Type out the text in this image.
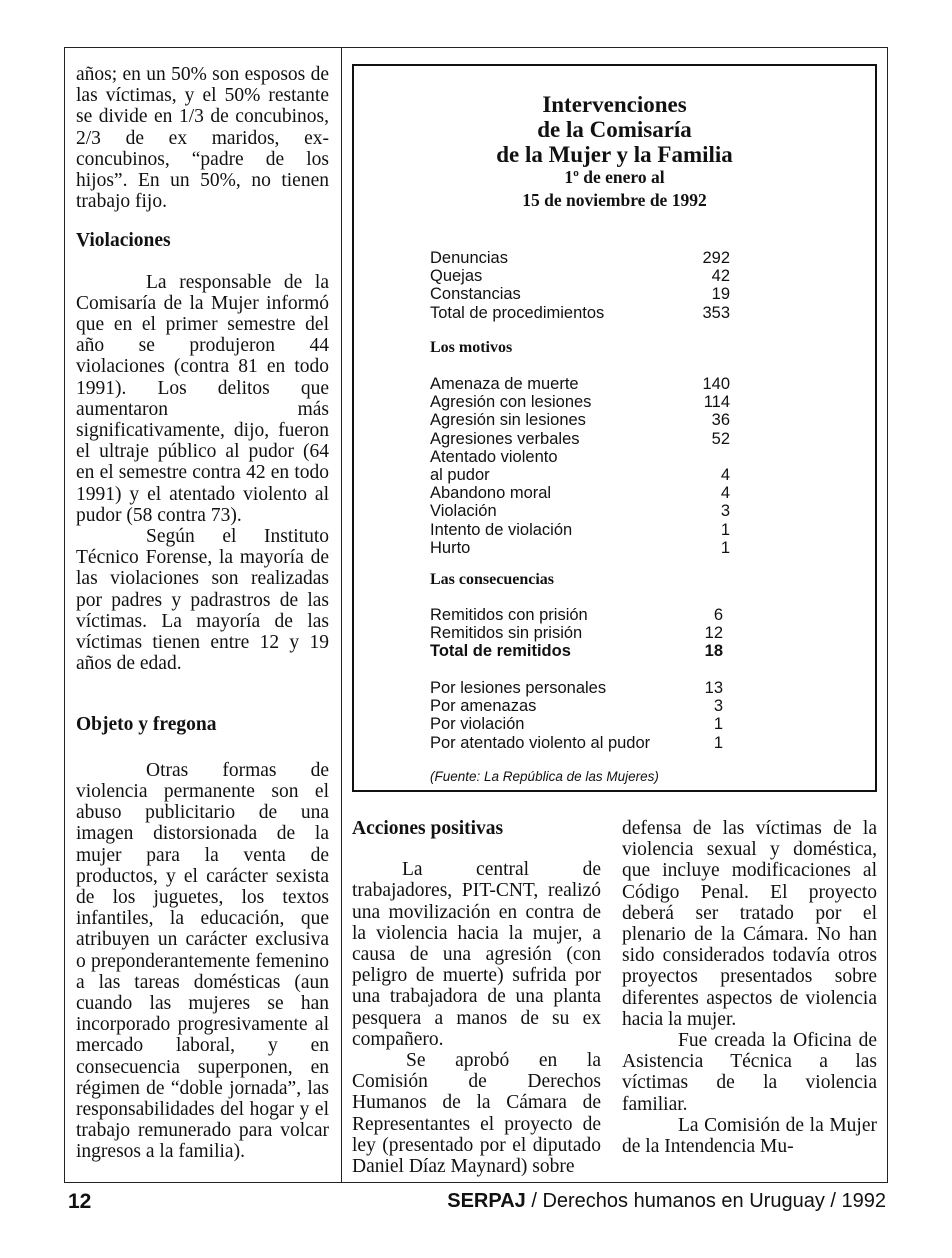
años; en un 50% son esposos de las víctimas, y el 50% restante se divide en 1/3 de concubinos, 2/3 de ex maridos, ex-concubinos, “padre de los hijos”. En un 50%, no tienen trabajo fijo.

Violaciones

La responsable de la Comisaría de la Mujer informó que en el primer semestre del año se produjeron 44 violaciones (contra 81 en todo 1991). Los delitos que aumentaron más significativamente, dijo, fueron el ultraje público al pudor (64 en el semestre contra 42 en todo 1991) y el atentado violento al pudor (58 contra 73).

Según el Instituto Técnico Forense, la mayoría de las violaciones son realizadas por padres y padrastros de las víctimas. La mayoría de las víctimas tienen entre 12 y 19 años de edad.

Objeto y fregona

Otras formas de violencia permanente son el abuso publicitario de una imagen distorsionada de la mujer para la venta de productos, y el carácter sexista de los juguetes, los textos infantiles, la educación, que atribuyen un carácter exclusiva o preponderantemente femenino a las tareas domésticas (aun cuando las mujeres se han incorporado progresivamente al mercado laboral, y en consecuencia superponen, en régimen de “doble jornada”, las responsabilidades del hogar y el trabajo remunerado para volcar ingresos a la familia).

Intervenciones
de la Comisaría
de la Mujer y la Familia
1º de enero al
15 de noviembre de 1992
Denuncias	292
Quejas	42
Constancias	19
Total de procedimientos	353
Los motivos
Amenaza de muerte	140
Agresión con lesiones	114
Agresión sin lesiones	36
Agresiones verbales	52
Atentado violento
al pudor	4
Abandono moral	4
Violación	3
Intento de violación	1
Hurto	1
Las consecuencias
Remitidos con prisión	6
Remitidos sin prisión	12
Total de remitidos	18
Por lesiones personales	13
Por amenazas	3
Por violación	1
Por atentado violento al pudor	1
(Fuente: La República de las Mujeres)
Acciones positivas

La central de trabajadores, PIT-CNT, realizó una movilización en contra de la violencia hacia la mujer, a causa de una agresión (con peligro de muerte) sufrida por una trabajadora de una planta pesquera a manos de su ex compañero.

Se aprobó en la Comisión de Derechos Humanos de la Cámara de Representantes el proyecto de ley (presentado por el diputado Daniel Díaz Maynard) sobre

defensa de las víctimas de la violencia sexual y doméstica, que incluye modificaciones al Código Penal. El proyecto deberá ser tratado por el plenario de la Cámara. No han sido considerados todavía otros proyectos presentados sobre diferentes aspectos de violencia hacia la mujer.

Fue creada la Oficina de Asistencia Técnica a las víctimas de la violencia familiar.

La Comisión de la Mujer de la Intendencia Mu-

12	SERPAJ / Derechos humanos en Uruguay / 1992
